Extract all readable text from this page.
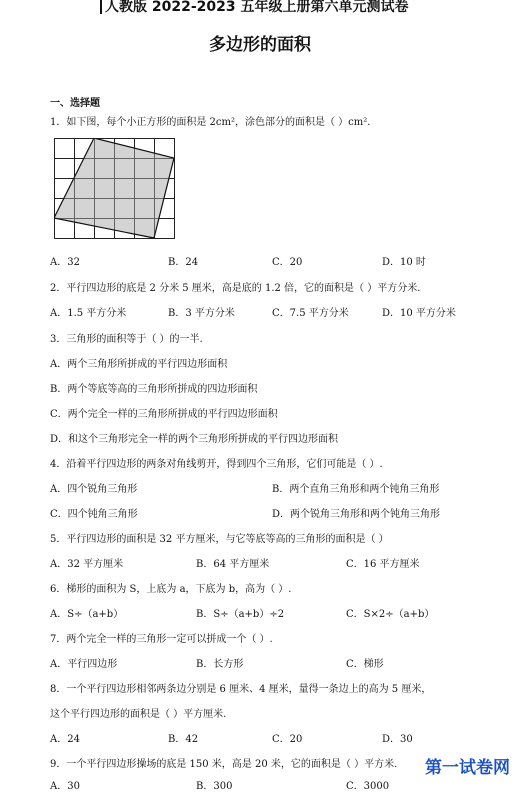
人教版 2022-2023 五年级上册第六单元测试卷
多边形的面积
一、选择题
1．如下图，每个小正方形的面积是 2cm²，涂色部分的面积是（ ）cm²．
A．32	B．24	C．20	D．10 时
2．平行四边形的底是 2 分米 5 厘米，高是底的 1.2 倍，它的面积是（ ）平方分米.
A．1.5 平方分米	B．3 平方分米	C．7.5 平方分米	D．10 平方分米
3．三角形的面积等于（ ）的一半.
A．两个三角形所拼成的平行四边形面积
B．两个等底等高的三角形所拼成的四边形面积
C．两个完全一样的三角形所拼成的平行四边形面积
D．和这个三角形完全一样的两个三角形所拼成的平行四边形面积
4．沿着平行四边形的两条对角线剪开，得到四个三角形，它们可能是（ ）.
A．四个锐角三角形	B．两个直角三角形和两个钝角三角形
C．四个钝角三角形	D．两个锐角三角形和两个钝角三角形
5．平行四边形的面积是 32 平方厘米，与它等底等高的三角形的面积是（ ）
A．32 平方厘米	B．64 平方厘米	C．16 平方厘米
6．梯形的面积为 S，上底为 a，下底为 b，高为（ ）.
A．S÷（a+b）	B．S÷（a+b）÷2	C．S×2÷（a+b）
7．两个完全一样的三角形一定可以拼成一个（ ）.
A．平行四边形	B．长方形	C．梯形
8．一个平行四边形相邻两条边分别是 6 厘米、4 厘米，量得一条边上的高为 5 厘米，
这个平行四边形的面积是（ ）平方厘米.
A．24	B．42	C．20	D．30
9．一个平行四边形操场的底是 150 米，高是 20 米，它的面积是（ ）平方米.
A．30	B．300	C．3000
第一试卷网
